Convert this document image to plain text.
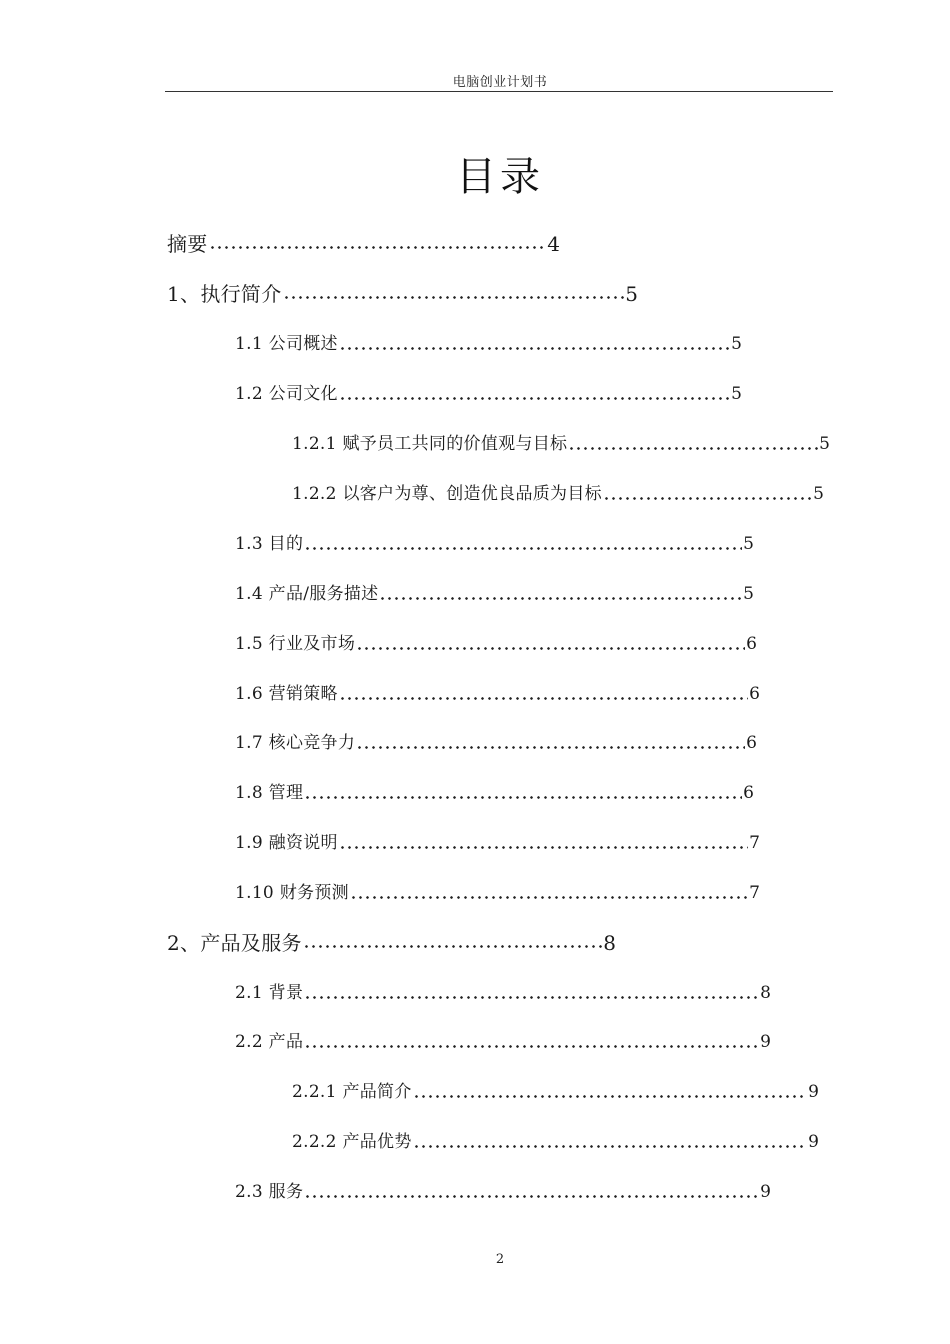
电脑创业计划书
目录
摘要	4
1、执行简介	5
1.1 公司概述	5
1.2 公司文化	5
1.2.1 赋予员工共同的价值观与目标	5
1.2.2 以客户为尊、创造优良品质为目标	5
1.3 目的	5
1.4 产品/服务描述	5
1.5 行业及市场	6
1.6 营销策略	6
1.7 核心竞争力	6
1.8 管理	6
1.9 融资说明	7
1.10 财务预测	7
2、产品及服务	8
2.1 背景	8
2.2 产品	9
2.2.1 产品简介	9
2.2.2 产品优势	9
2.3 服务	9
2
